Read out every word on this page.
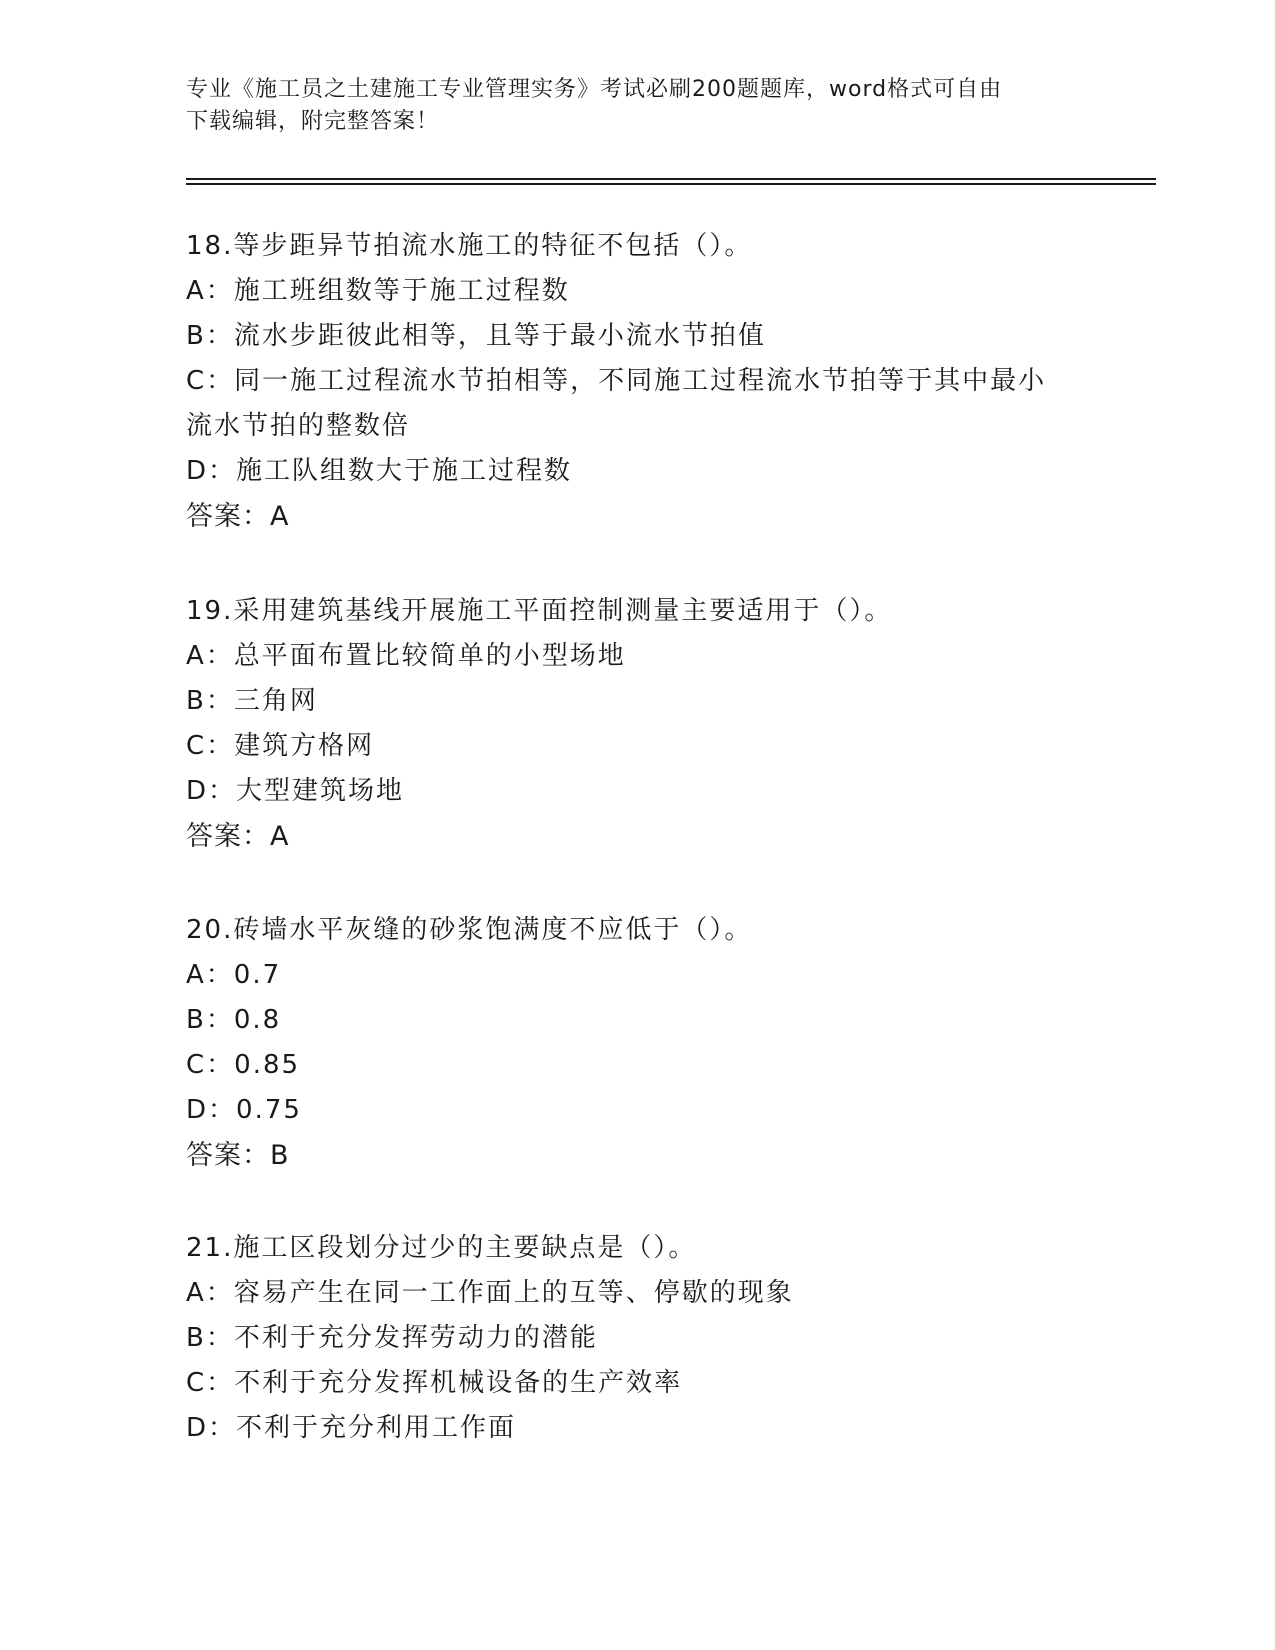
专业《施工员之土建施工专业管理实务》考试必刷200题题库，word格式可自由
下载编辑，附完整答案！
18.等步距异节拍流水施工的特征不包括（）。
A：施工班组数等于施工过程数
B：流水步距彼此相等，且等于最小流水节拍值
C：同一施工过程流水节拍相等，不同施工过程流水节拍等于其中最小
流水节拍的整数倍
D：施工队组数大于施工过程数
答案：A
19.采用建筑基线开展施工平面控制测量主要适用于（）。
A：总平面布置比较简单的小型场地
B：三角网
C：建筑方格网
D：大型建筑场地
答案：A
20.砖墙水平灰缝的砂浆饱满度不应低于（）。
A：0.7
B：0.8
C：0.85
D：0.75
答案：B
21.施工区段划分过少的主要缺点是（）。
A：容易产生在同一工作面上的互等、停歇的现象
B：不利于充分发挥劳动力的潜能
C：不利于充分发挥机械设备的生产效率
D：不利于充分利用工作面
